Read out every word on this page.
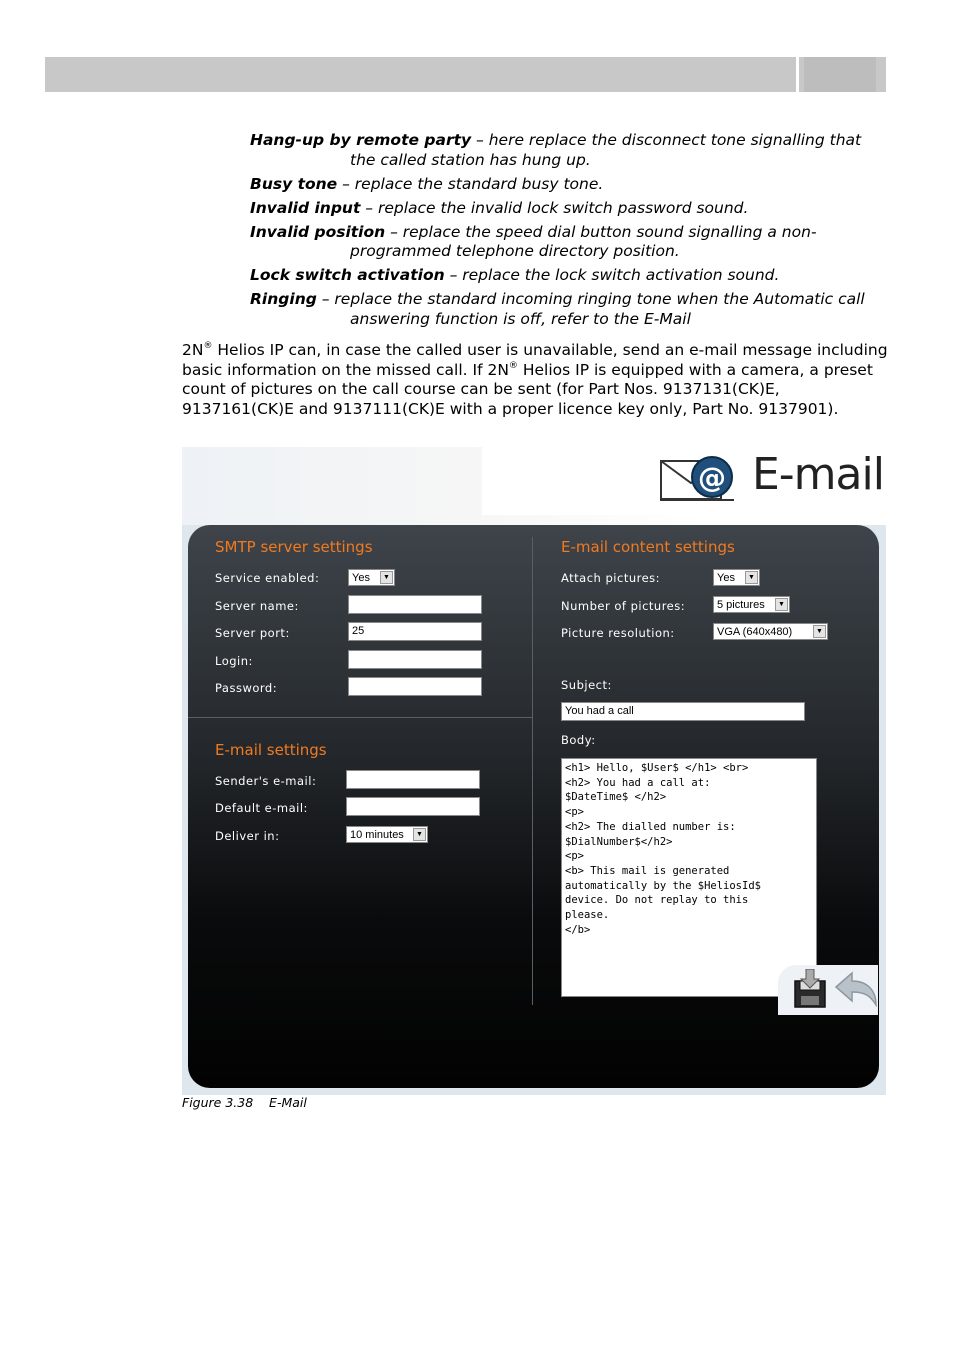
Hang-up by remote party – here replace the disconnect tone signalling that the called station has hung up.

Busy tone – replace the standard busy tone.

Invalid input – replace the invalid lock switch password sound.

Invalid position – replace the speed dial button sound signalling a non-programmed telephone directory position.

Lock switch activation – replace the lock switch activation sound.

Ringing – replace the standard incoming ringing tone when the Automatic call answering function is off, refer to the E-Mail

2N® Helios IP can, in case the called user is unavailable, send an e-mail message including basic information on the missed call. If 2N® Helios IP is equipped with a camera, a preset count of pictures on the call course can be sent (for Part Nos. 9137131(CK)E, 9137161(CK)E and 9137111(CK)E with a proper licence key only, Part No. 9137901).
@ E-mail
SMTP server settings
Service enabled:	Yes	▼
Server name:
Server port:	25
Login:
Password:
E-mail settings
Sender's e-mail:
Default e-mail:
Deliver in:	10 minutes	▼
E-mail content settings
Attach pictures:	Yes	▼
Number of pictures:	5 pictures	▼
Picture resolution:	VGA (640x480)	▼
Subject:
You had a call
Body:
<h1> Hello, $User$ </h1> <br>
<h2> You had a call at:
$DateTime$ </h2>
<p>
<h2> The dialled number is:
$DialNumber$</h2>
<p>
<b> This mail is generated
automatically by the $HeliosId$
device. Do not replay to this
please.
</b>
Figure 3.38    E-Mail
